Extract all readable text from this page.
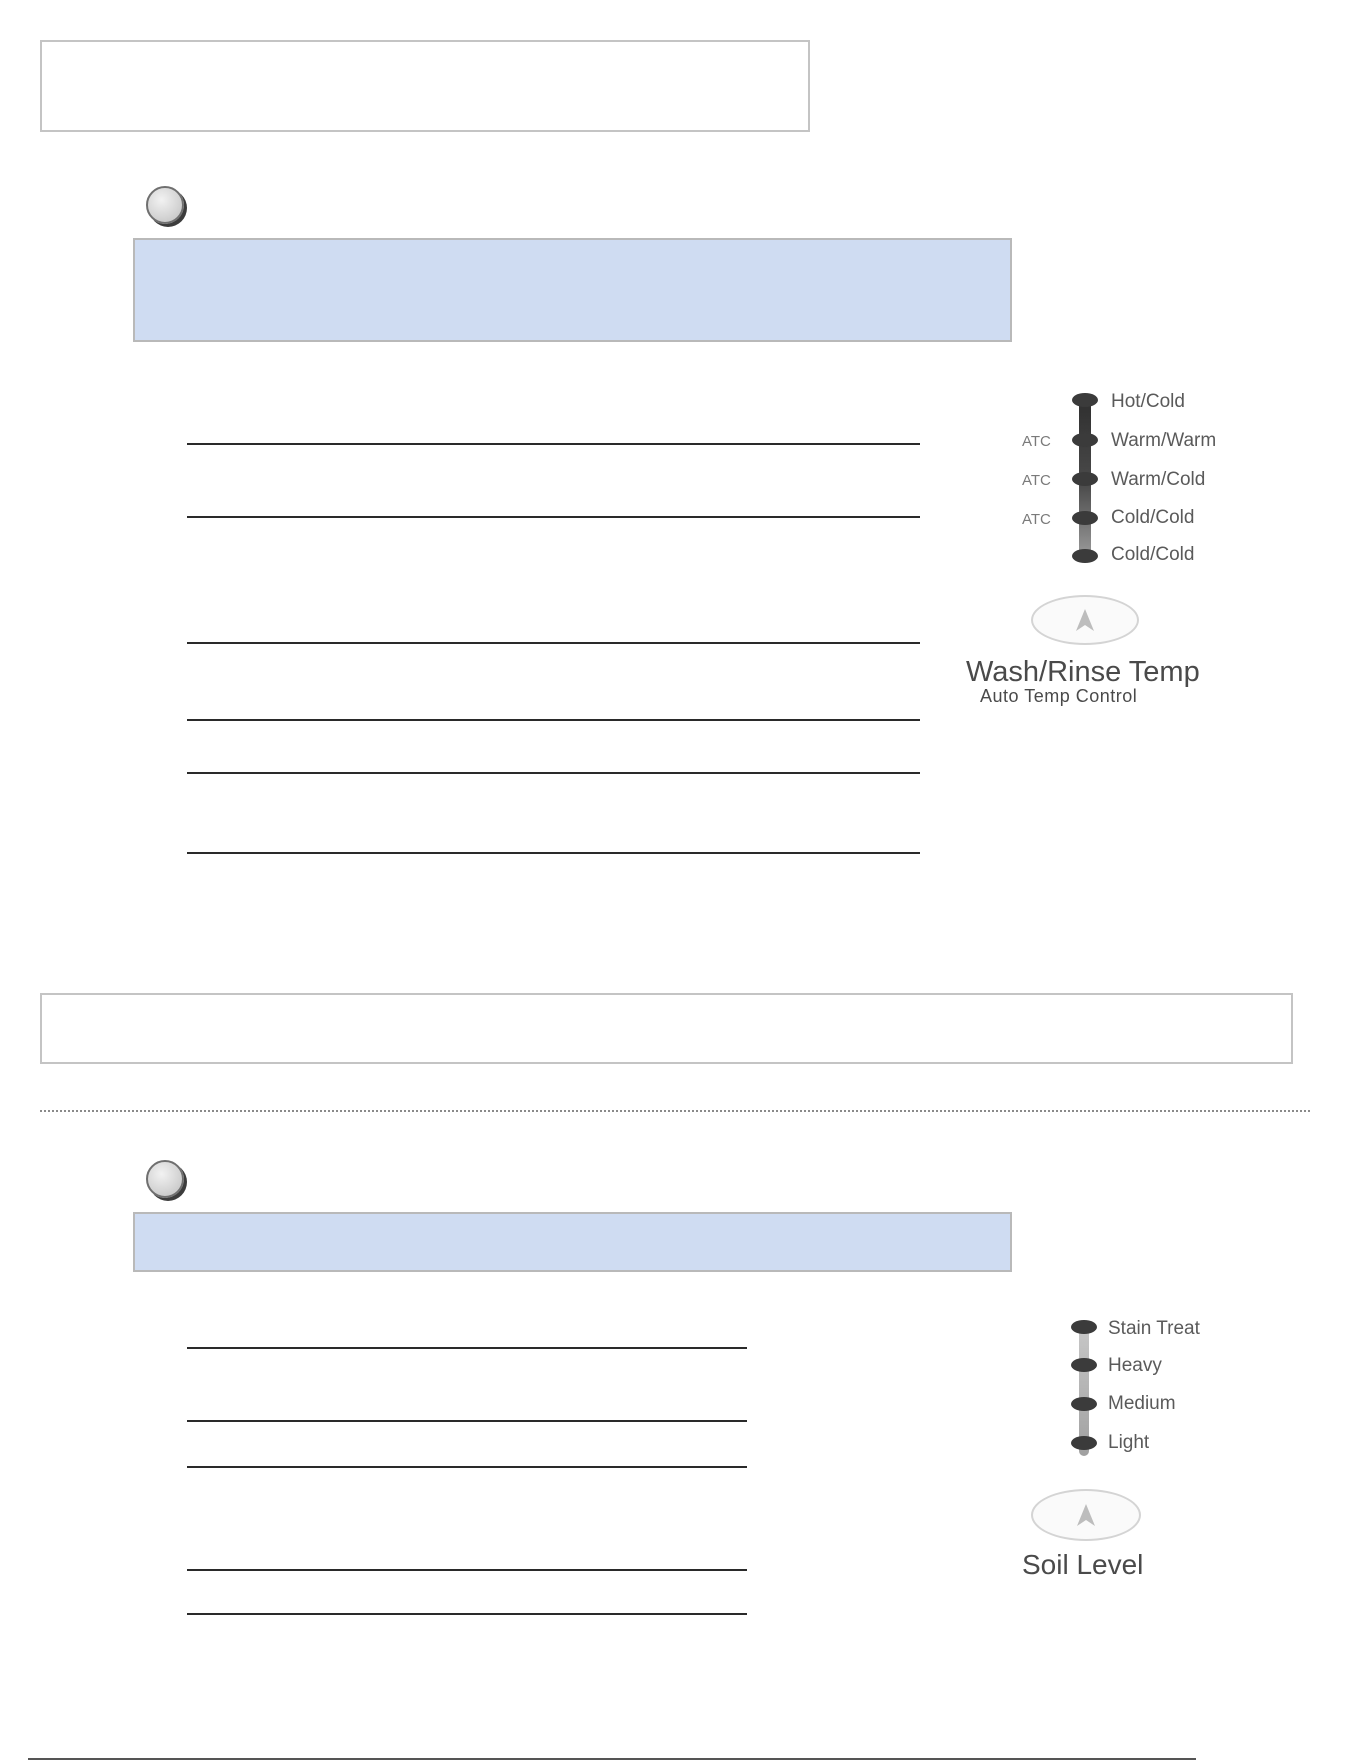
Hot/Cold
ATC	Warm/Warm
ATC	Warm/Cold
ATC	Cold/Cold
Cold/Cold
Wash/Rinse Temp
Auto Temp Control
Stain Treat
Heavy
Medium
Light
Soil Level
